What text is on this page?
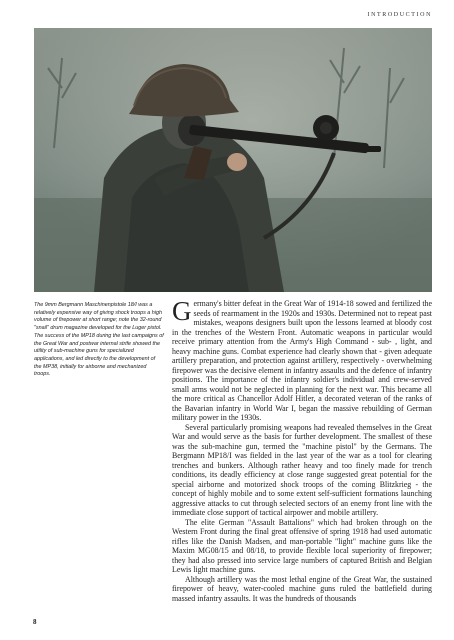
INTRODUCTION
The 9mm Bergmann Maschinenpistole 18/I was a relatively expensive way of giving shock troops a high volume of firepower at short range; note the 32-round "snail" drum magazine developed for the Luger pistol. The success of the MP18 during the last campaigns of the Great War and postwar internal strife showed the utility of sub-machine guns for specialized applications, and led directly to the development of the MP38, initially for airborne and mechanized troops.

Germany's bitter defeat in the Great War of 1914-18 sowed and fertilized the seeds of rearmament in the 1920s and 1930s. Determined not to repeat past mistakes, weapons designers built upon the lessons learned at bloody cost in the trenches of the Western Front. Automatic weapons in particular would receive primary attention from the Army's High Command - sub- , light, and heavy machine guns. Combat experience had clearly shown that - given adequate artillery preparation, and protection against artillery, respectively - overwhelming firepower was the decisive element in infantry assaults and the defence of infantry positions. The importance of the infantry soldier's individual and crew-served small arms would not be neglected in planning for the next war. This became all the more critical as Chancellor Adolf Hitler, a decorated veteran of the ranks of the Bavarian infantry in World War I, began the massive rebuilding of German military power in the 1930s.

Several particularly promising weapons had revealed themselves in the Great War and would serve as the basis for further development. The smallest of these was the sub-machine gun, termed the "machine pistol" by the Germans. The Bergmann MP18/I was fielded in the last year of the war as a tool for clearing trenches and bunkers. Although rather heavy and too finely made for trench conditions, its deadly efficiency at close range suggested great potential for the special airborne and motorized shock troops of the coming Blitzkrieg - the concept of highly mobile and to some extent self-sufficient formations launching aggressive attacks to cut through selected sectors of an enemy front line with the immediate close support of tactical airpower and mobile artillery.

The elite German "Assault Battalions" which had broken through on the Western Front during the final great offensive of spring 1918 had used automatic rifles like the Danish Madsen, and man-portable "light" machine guns like the Maxim MG08/15 and 08/18, to provide flexible local superiority of firepower; they had also pressed into service large numbers of captured British and Belgian Lewis light machine guns.

Although artillery was the most lethal engine of the Great War, the sustained firepower of heavy, water-cooled machine guns ruled the battlefield during massed infantry assaults. It was the hundreds of thousands

8
